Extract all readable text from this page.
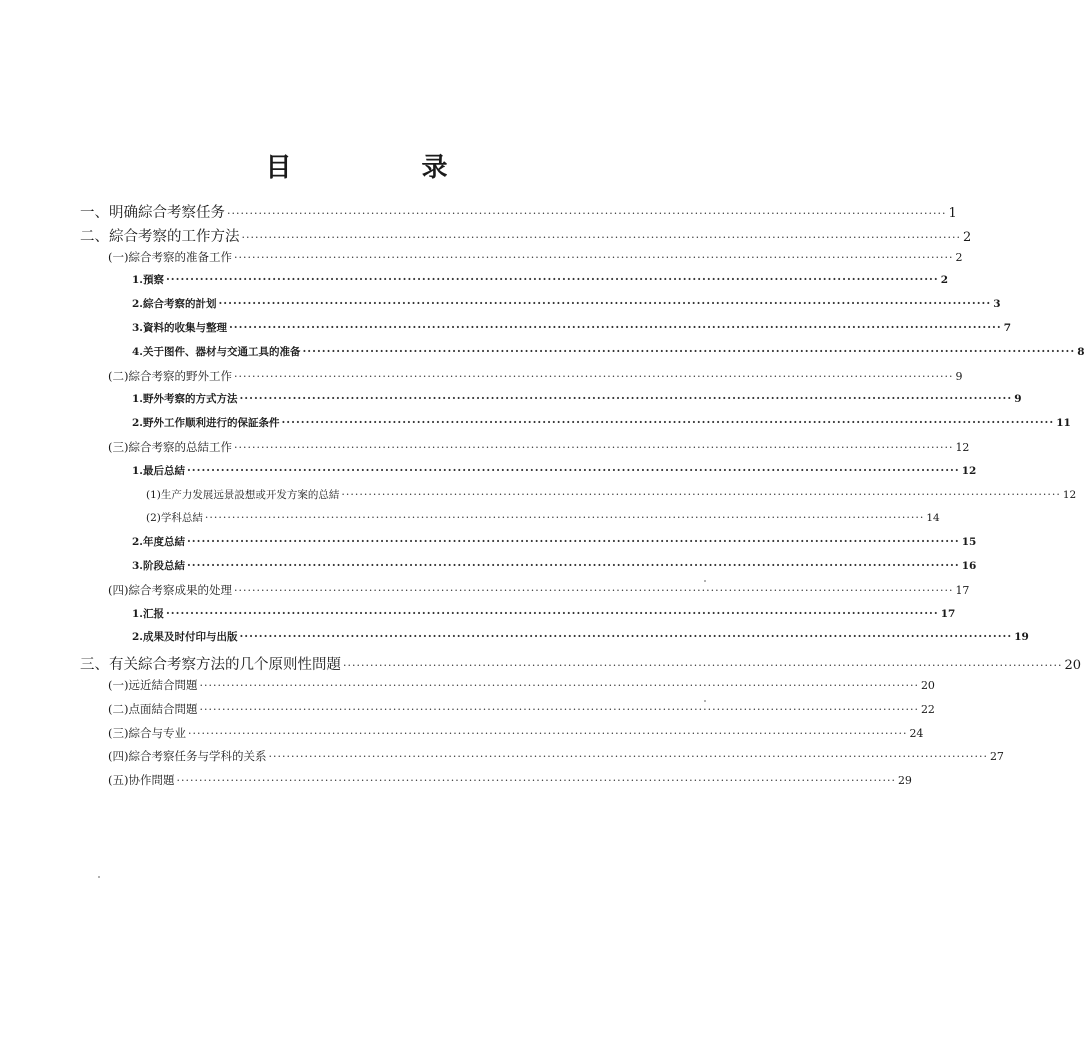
目　录
一、明确綜合考察任务 ································································································································································ 1
二、綜合考察的工作方法 ································································································································································ 2
(一)綜合考察的准备工作 ································································································································································ 2
1.預察 ································································································································································ 2
2.綜合考察的計划 ································································································································································ 3
3.資料的收集与整理 ································································································································································ 7
4.关于图件、器材与交通工具的准备 ································································································································································ 8
(二)綜合考察的野外工作 ································································································································································ 9
1.野外考察的方式方法 ································································································································································ 9
2.野外工作顺利进行的保証条件 ································································································································································ 11
(三)綜合考察的总結工作 ································································································································································ 12
1.最后总結 ································································································································································ 12
(1)生产力发展远景設想或开发方案的总結 ································································································································································ 12
(2)学科总結 ································································································································································ 14
2.年度总結 ································································································································································ 15
3.阶段总結 ································································································································································ 16
(四)綜合考察成果的处理 ································································································································································ 17
1.汇报 ································································································································································ 17
2.成果及时付印与出版 ································································································································································ 19
三、有关綜合考察方法的几个原则性問題 ································································································································································ 20
(一)远近結合問題 ································································································································································ 20
(二)点面結合問題 ································································································································································ 22
(三)綜合与专业 ································································································································································ 24
(四)綜合考察任务与学科的关系 ································································································································································ 27
(五)协作問題 ································································································································································ 29
